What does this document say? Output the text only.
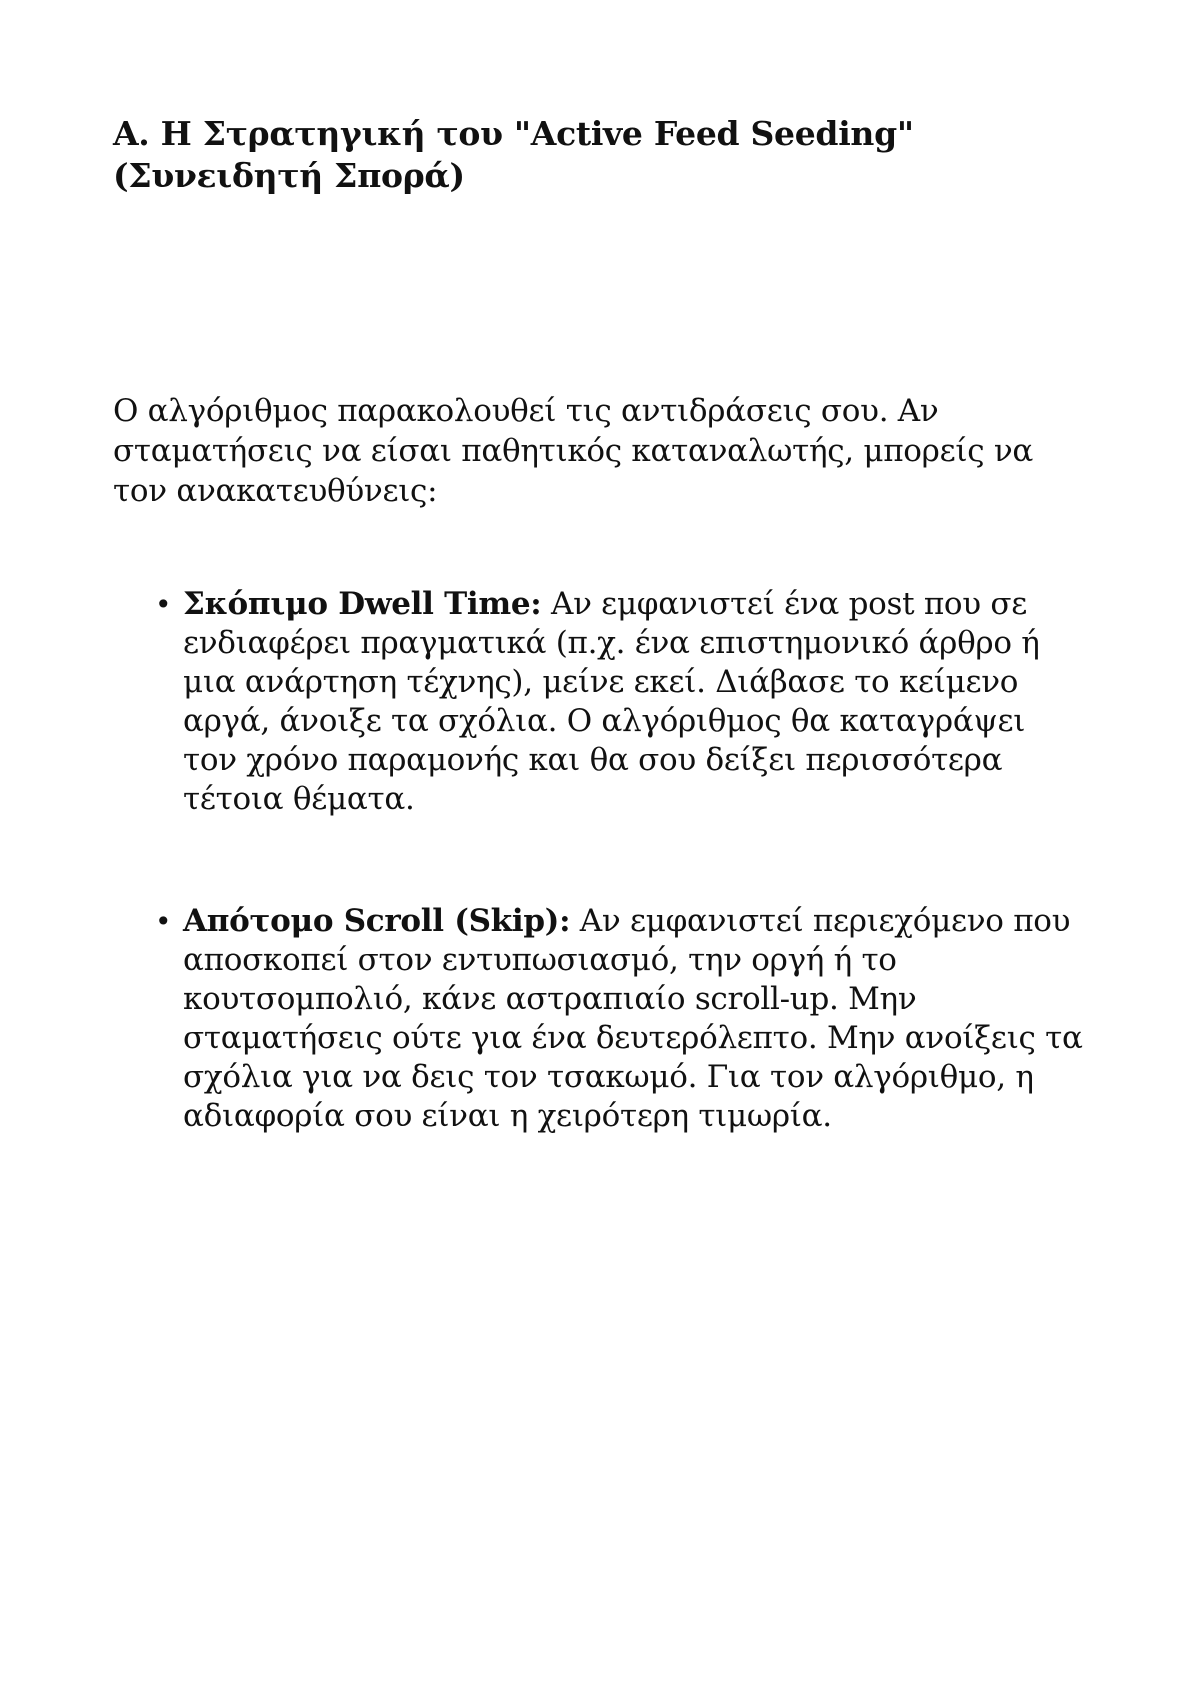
Α. Η Στρατηγική του "Active Feed Seeding" (Συνειδητή Σπορά)

Ο αλγόριθμος παρακολουθεί τις αντιδράσεις σου. Αν σταματήσεις να είσαι παθητικός καταναλωτής, μπορείς να τον ανακατευθύνεις:

• Σκόπιμο Dwell Time: Αν εμφανιστεί ένα post που σε ενδιαφέρει πραγματικά (π.χ. ένα επιστημονικό άρθρο ή μια ανάρτηση τέχνης), μείνε εκεί. Διάβασε το κείμενο αργά, άνοιξε τα σχόλια. Ο αλγόριθμος θα καταγράψει τον χρόνο παραμονής και θα σου δείξει περισσότερα τέτοια θέματα.
• Απότομο Scroll (Skip): Αν εμφανιστεί περιεχόμενο που αποσκοπεί στον εντυπωσιασμό, την οργή ή το κουτσομπολιό, κάνε αστραπιαίο scroll-up. Μην σταματήσεις ούτε για ένα δευτερόλεπτο. Μην ανοίξεις τα σχόλια για να δεις τον τσακωμό. Για τον αλγόριθμο, η αδιαφορία σου είναι η χειρότερη τιμωρία.
